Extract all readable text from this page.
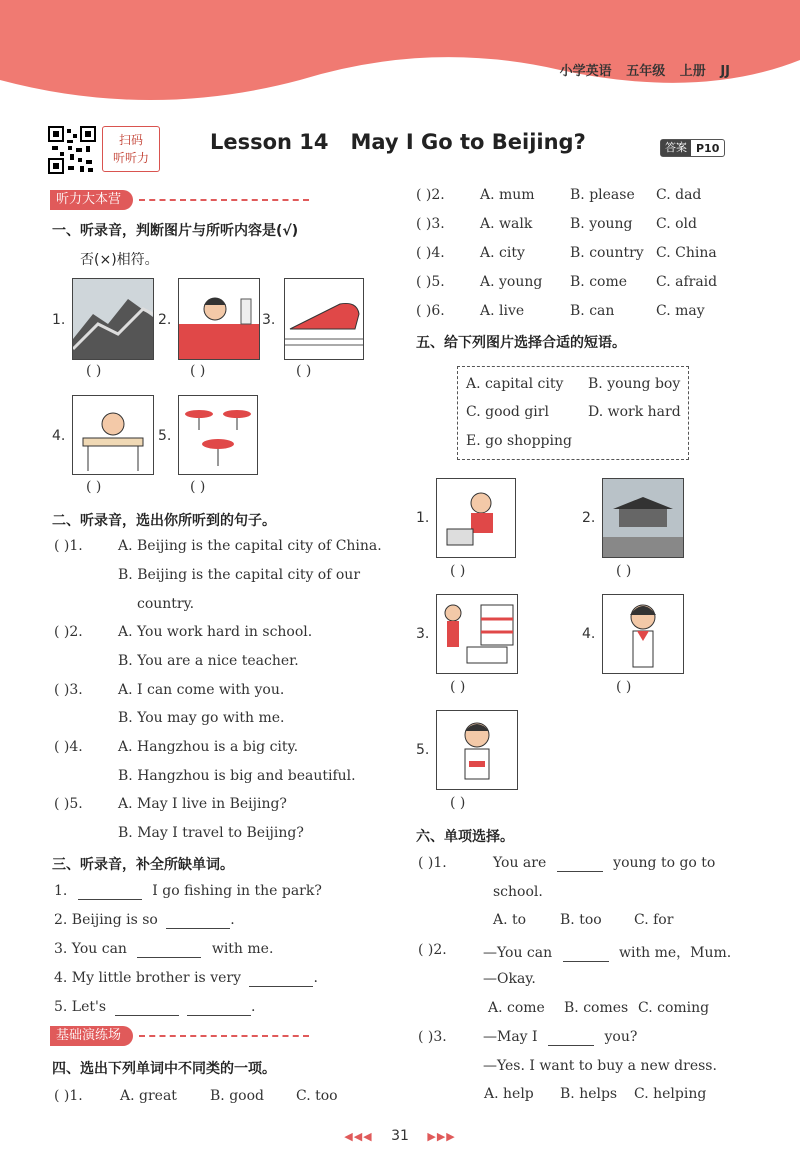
小学英语 五年级 上册 JJ
扫码
听听力
Lesson 14   May I Go to Beijing?	答案 P10
听力大本营
一、听录音，判断图片与所听内容是(√)
否(×)相符。
1.	2.	3.
( )	( )	( )
4.	5.
( )	( )
二、听录音，选出你所听到的句子。
( )1.	A. Beijing is the capital city of China.
B. Beijing is the capital city of our
country.
( )2.	A. You work hard in school.
B. You are a nice teacher.
( )3.	A. I can come with you.
B. You may go with me.
( )4.	A. Hangzhou is a big city.
B. Hangzhou is big and beautiful.
( )5.	A. May I live in Beijing?
B. May I travel to Beijing?
三、听录音，补全所缺单词。
1.	I go fishing in the park?
2. Beijing is so	.
3. You can	with me.
4. My little brother is very	.
5. Let's	.
基础演练场
四、选出下列单词中不同类的一项。
( )1.	A. great B. good C. too
( )2.	A. mum	B. please C. dad
( )3.	A. walk	B. young C. old
( )4.	A. city	B. country C. China
( )5.	A. young B. come C. afraid
( )6.	A. live	B. can	C. may
五、给下列图片选择合适的短语。
A. capital city B. young boy
C. good girl	D. work hard
E. go shopping
1.	2.
( )	( )
3.	4.
( )	( )
5.
( )
六、单项选择。
( )1.	You are	young to go to
school.
A. to B. too C. for
( )2.	—You can	with me，Mum.
—Okay.
A. come B. comes C. coming
( )3.	—May I	you?
—Yes. I want to buy a new dress.
A. help B. helps C. helping
◀◀◀ 31 ▶▶▶
